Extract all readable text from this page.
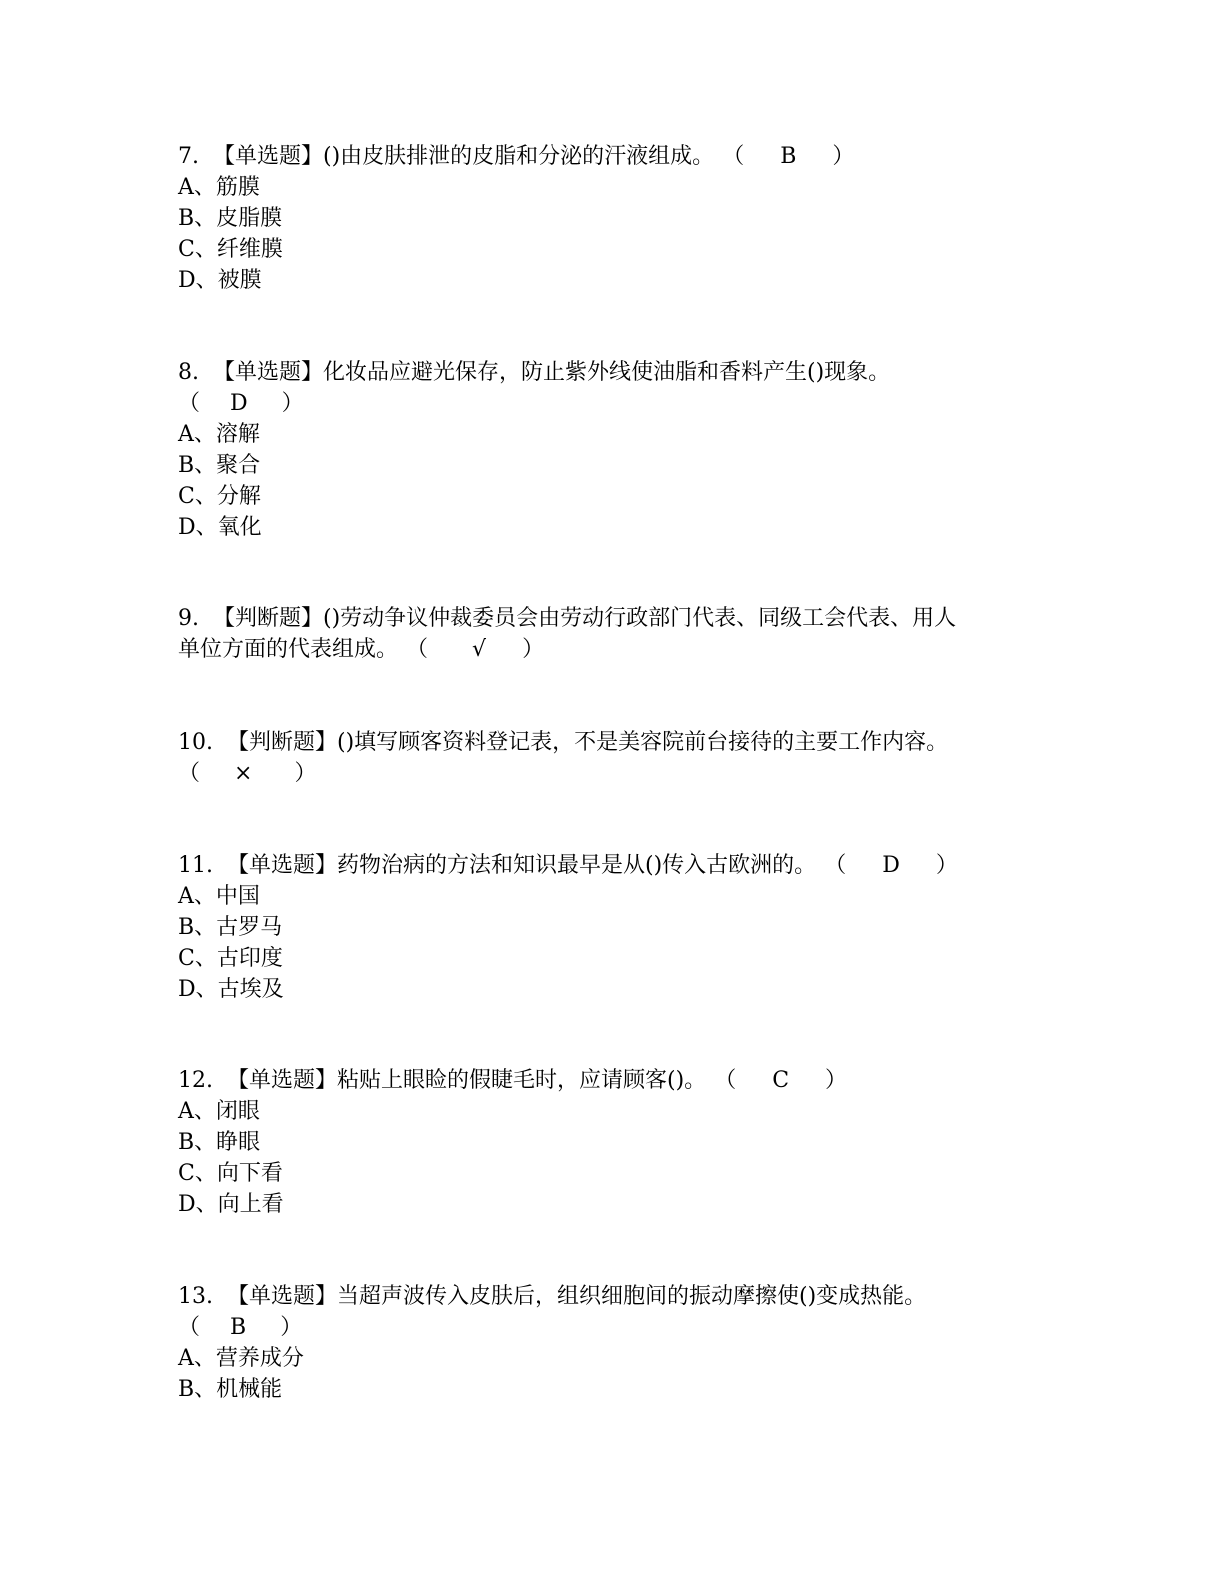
7. 【单选题】()由皮肤排泄的皮脂和分泌的汗液组成。 （ B ）
A、筋膜
B、皮脂膜
C、纤维膜
D、被膜
8. 【单选题】化妆品应避光保存，防止紫外线使油脂和香料产生()现象。
（ D ）
A、溶解
B、聚合
C、分解
D、氧化
9. 【判断题】()劳动争议仲裁委员会由劳动行政部门代表、同级工会代表、用人
单位方面的代表组成。 （ √ ）
10. 【判断题】()填写顾客资料登记表，不是美容院前台接待的主要工作内容。
（ × ）
11. 【单选题】药物治病的方法和知识最早是从()传入古欧洲的。 （ D ）
A、中国
B、古罗马
C、古印度
D、古埃及
12. 【单选题】粘贴上眼睑的假睫毛时，应请顾客()。 （ C ）
A、闭眼
B、睁眼
C、向下看
D、向上看
13. 【单选题】当超声波传入皮肤后，组织细胞间的振动摩擦使()变成热能。
（ B ）
A、营养成分
B、机械能
